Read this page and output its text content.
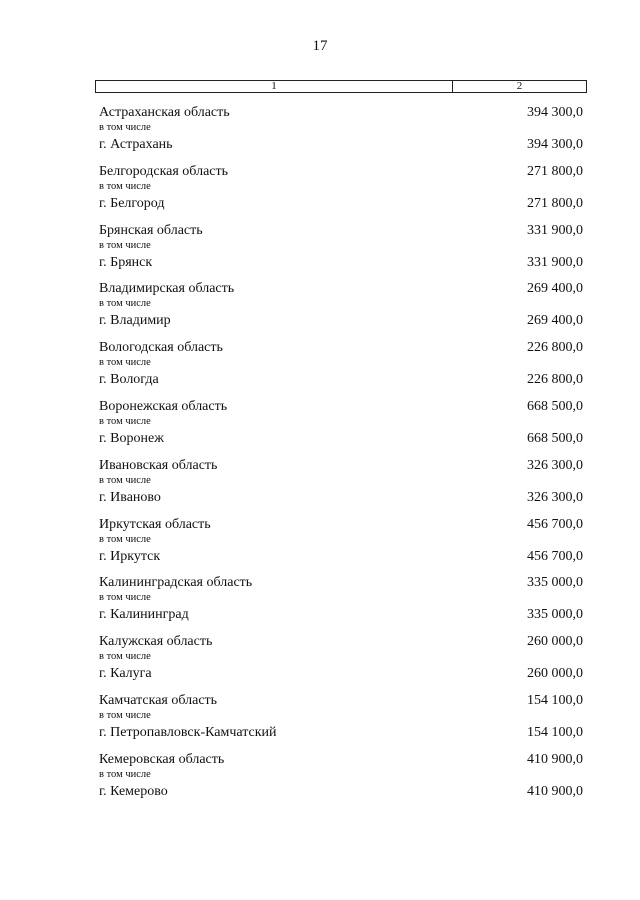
17
1	2
Астраханская область	394 300,0
в том числе
г. Астрахань	394 300,0
Белгородская область	271 800,0
в том числе
г. Белгород	271 800,0
Брянская область	331 900,0
в том числе
г. Брянск	331 900,0
Владимирская область	269 400,0
в том числе
г. Владимир	269 400,0
Вологодская область	226 800,0
в том числе
г. Вологда	226 800,0
Воронежская область	668 500,0
в том числе
г. Воронеж	668 500,0
Ивановская область	326 300,0
в том числе
г. Иваново	326 300,0
Иркутская область	456 700,0
в том числе
г. Иркутск	456 700,0
Калининградская область	335 000,0
в том числе
г. Калининград	335 000,0
Калужская область	260 000,0
в том числе
г. Калуга	260 000,0
Камчатская область	154 100,0
в том числе
г. Петропавловск-Камчатский	154 100,0
Кемеровская область	410 900,0
в том числе
г. Кемерово	410 900,0
